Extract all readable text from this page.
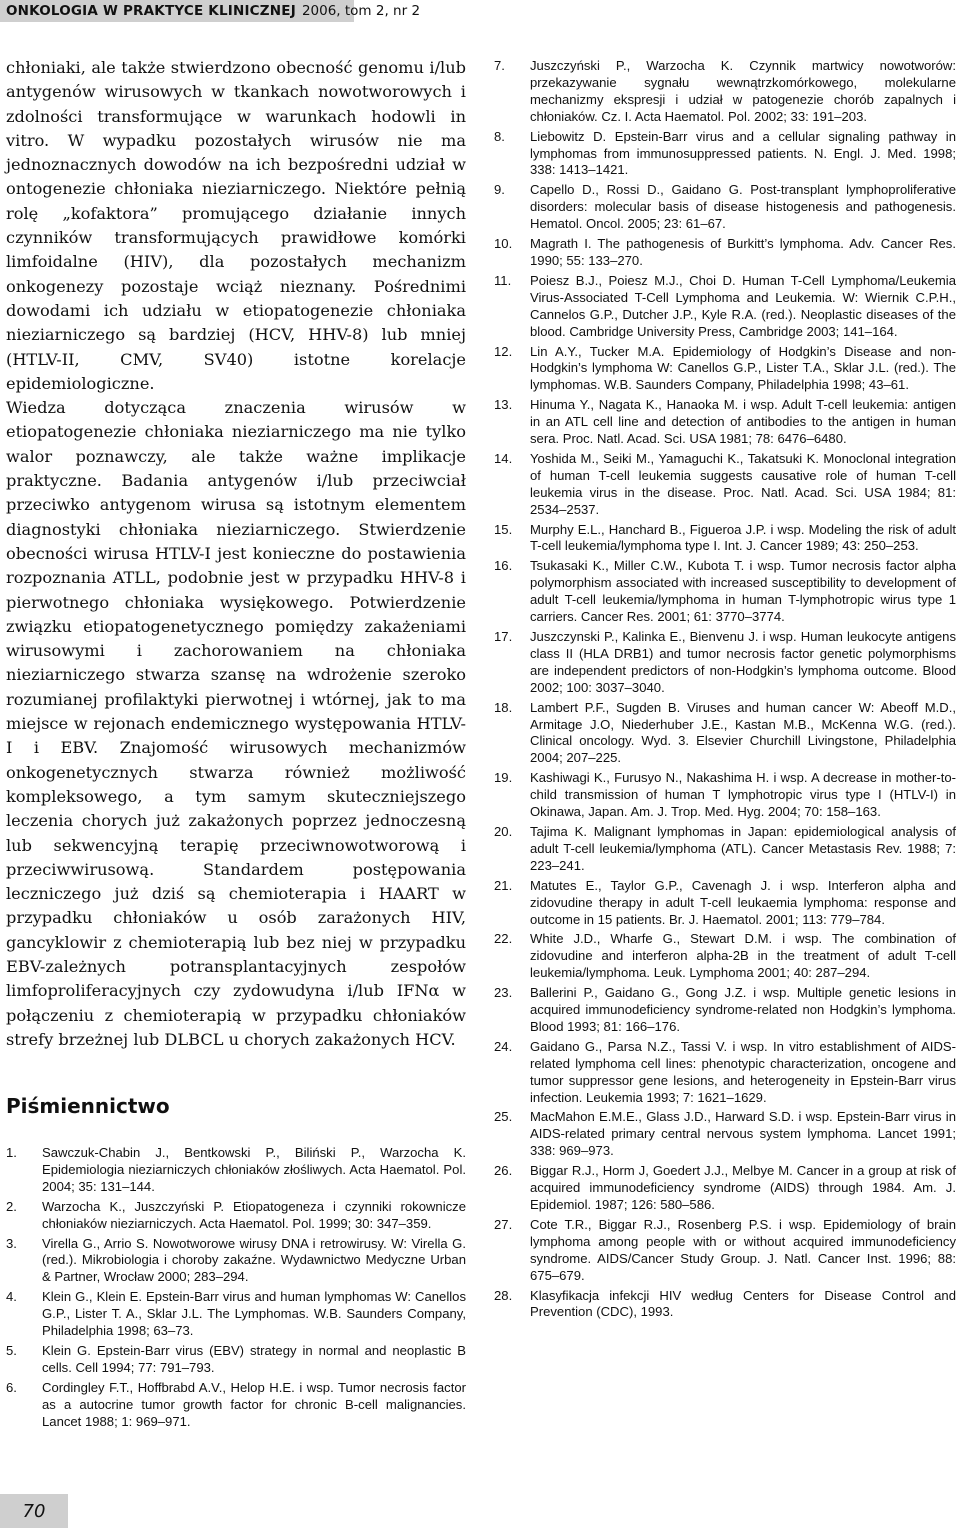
ONKOLOGIA W PRAKTYCE KLINICZNEJ 2006, tom 2, nr 2

chłoniaki, ale także stwierdzono obecność genomu i/lub antygenów wirusowych w tkankach nowotworowych i zdolności transformujące w warunkach hodowli in vitro. W wypadku pozostałych wirusów nie ma jednoznacznych dowodów na ich bezpośredni udział w ontogenezie chłoniaka nieziarniczego. Niektóre pełnią rolę „kofaktora” promującego działanie innych czynników transformujących prawidłowe komórki limfoidalne (HIV), dla pozostałych mechanizm onkogenezy pozostaje wciąż nieznany. Pośrednimi dowodami ich udziału w etiopatogenezie chłoniaka nieziarniczego są bardziej (HCV, HHV-8) lub mniej (HTLV-II, CMV, SV40) istotne korelacje epidemiologiczne.

Wiedza dotycząca znaczenia wirusów w etiopatogenezie chłoniaka nieziarniczego ma nie tylko walor poznawczy, ale także ważne implikacje praktyczne. Badania antygenów i/lub przeciwciał przeciwko antygenom wirusa są istotnym elementem diagnostyki chłoniaka nieziarniczego. Stwierdzenie obecności wirusa HTLV-I jest konieczne do postawienia rozpoznania ATLL, podobnie jest w przypadku HHV-8 i pierwotnego chłoniaka wysiękowego. Potwierdzenie związku etiopatogenetycznego pomiędzy zakażeniami wirusowymi i zachorowaniem na chłoniaka nieziarniczego stwarza szansę na wdrożenie szeroko rozumianej profilaktyki pierwotnej i wtórnej, jak to ma miejsce w rejonach endemicznego występowania HTLV-I i EBV. Znajomość wirusowych mechanizmów onkogenetycznych stwarza również możliwość kompleksowego, a tym samym skuteczniejszego leczenia chorych już zakażonych poprzez jednoczesną lub sekwencyjną terapię przeciwnowotworową i przeciwwirusową. Standardem postępowania leczniczego już dziś są chemioterapia i HAART w przypadku chłoniaków u osób zarażonych HIV, gancyklowir z chemioterapią lub bez niej w przypadku EBV-zależnych potransplantacyjnych zespołów limfoproliferacyjnych czy zydowudyna i/lub IFNα w połączeniu z chemioterapią w przypadku chłoniaków strefy brzeżnej lub DLBCL u chorych zakażonych HCV.

Piśmiennictwo
1. Sawczuk-Chabin J., Bentkowski P., Biliński P., Warzocha K. Epidemiologia nieziarniczych chłoniaków złośliwych. Acta Haematol. Pol. 2004; 35: 131–144.
2. Warzocha K., Juszczyński P. Etiopatogeneza i czynniki rokownicze chłoniaków nieziarniczych. Acta Haematol. Pol. 1999; 30: 347–359.
3. Virella G., Arrio S. Nowotworowe wirusy DNA i retrowirusy. W: Virella G. (red.). Mikrobiologia i choroby zakaźne. Wydawnictwo Medyczne Urban & Partner, Wrocław 2000; 283–294.
4. Klein G., Klein E. Epstein-Barr virus and human lymphomas W: Canellos G.P., Lister T. A., Sklar J.L. The Lymphomas. W.B. Saunders Company, Philadelphia 1998; 63–73.
5. Klein G. Epstein-Barr virus (EBV) strategy in normal and neoplastic B cells. Cell 1994; 77: 791–793.
6. Cordingley F.T., Hoffbrabd A.V., Helop H.E. i wsp. Tumor necrosis factor as a autocrine tumor growth factor for chronic B-cell malignancies. Lancet 1988; 1: 969–971.
7. Juszczyński P., Warzocha K. Czynnik martwicy nowotworów: przekazywanie sygnału wewnątrzkomórkowego, molekularne mechanizmy ekspresji i udział w patogenezie chorób zapalnych i chłoniaków. Cz. I. Acta Haematol. Pol. 2002; 33: 191–203.
8. Liebowitz D. Epstein-Barr virus and a cellular signaling pathway in lymphomas from immunosuppressed patients. N. Engl. J. Med. 1998; 338: 1413–1421.
9. Capello D., Rossi D., Gaidano G. Post-transplant lymphoproliferative disorders: molecular basis of disease histogenesis and pathogenesis. Hematol. Oncol. 2005; 23: 61–67.
10. Magrath I. The pathogenesis of Burkitt’s lymphoma. Adv. Cancer Res. 1990; 55: 133–270.
11. Poiesz B.J., Poiesz M.J., Choi D. Human T-Cell Lymphoma/Leukemia Virus-Associated T-Cell Lymphoma and Leukemia. W: Wiernik C.P.H., Cannelos G.P., Dutcher J.P., Kyle R.A. (red.). Neoplastic diseases of the blood. Cambridge University Press, Cambridge 2003; 141–164.
12. Lin A.Y., Tucker M.A. Epidemiology of Hodgkin’s Disease and non-Hodgkin’s lymphoma W: Canellos G.P., Lister T.A., Sklar J.L. (red.). The lymphomas. W.B. Saunders Company, Philadelphia 1998; 43–61.
13. Hinuma Y., Nagata K., Hanaoka M. i wsp. Adult T-cell leukemia: antigen in an ATL cell line and detection of antibodies to the antigen in human sera. Proc. Natl. Acad. Sci. USA 1981; 78: 6476–6480.
14. Yoshida M., Seiki M., Yamaguchi K., Takatsuki K. Monoclonal integration of human T-cell leukemia suggests causative role of human T-cell leukemia virus in the disease. Proc. Natl. Acad. Sci. USA 1984; 81: 2534–2537.
15. Murphy E.L., Hanchard B., Figueroa J.P. i wsp. Modeling the risk of adult T-cell leukemia/lymphoma type I. Int. J. Cancer 1989; 43: 250–253.
16. Tsukasaki K., Miller C.W., Kubota T. i wsp. Tumor necrosis factor alpha polymorphism associated with increased susceptibility to development of adult T-cell leukemia/lymphoma in human T-lymphotropic wirus type 1 carriers. Cancer Res. 2001; 61: 3770–3774.
17. Juszczynski P., Kalinka E., Bienvenu J. i wsp. Human leukocyte antigens class II (HLA DRB1) and tumor necrosis factor genetic polymorphisms are independent predictors of non-Hodgkin’s lymphoma outcome. Blood 2002; 100: 3037–3040.
18. Lambert P.F., Sugden B. Viruses and human cancer W: Abeoff M.D., Armitage J.O, Niederhuber J.E., Kastan M.B., McKenna W.G. (red.). Clinical oncology. Wyd. 3. Elsevier Churchill Livingstone, Philadelphia 2004; 207–225.
19. Kashiwagi K., Furusyo N., Nakashima H. i wsp. A decrease in mother-to-child transmission of human T lymphotropic virus type I (HTLV-I) in Okinawa, Japan. Am. J. Trop. Med. Hyg. 2004; 70: 158–163.
20. Tajima K. Malignant lymphomas in Japan: epidemiological analysis of adult T-cell leukemia/lymphoma (ATL). Cancer Metastasis Rev. 1988; 7: 223–241.
21. Matutes E., Taylor G.P., Cavenagh J. i wsp. Interferon alpha and zidovudine therapy in adult T-cell leukaemia lymphoma: response and outcome in 15 patients. Br. J. Haematol. 2001; 113: 779–784.
22. White J.D., Wharfe G., Stewart D.M. i wsp. The combination of zidovudine and interferon alpha-2B in the treatment of adult T-cell leukemia/lymphoma. Leuk. Lymphoma 2001; 40: 287–294.
23. Ballerini P., Gaidano G., Gong J.Z. i wsp. Multiple genetic lesions in acquired immunodeficiency syndrome-related non Hodgkin’s lymphoma. Blood 1993; 81: 166–176.
24. Gaidano G., Parsa N.Z., Tassi V. i wsp. In vitro establishment of AIDS-related lymphoma cell lines: phenotypic characterization, oncogene and tumor suppressor gene lesions, and heterogeneity in Epstein-Barr virus infection. Leukemia 1993; 7: 1621–1629.
25. MacMahon E.M.E., Glass J.D., Harward S.D. i wsp. Epstein-Barr virus in AIDS-related primary central nervous system lymphoma. Lancet 1991; 338: 969–973.
26. Biggar R.J., Horm J, Goedert J.J., Melbye M. Cancer in a group at risk of acquired immunodeficiency syndrome (AIDS) through 1984. Am. J. Epidemiol. 1987; 126: 580–586.
27. Cote T.R., Biggar R.J., Rosenberg P.S. i wsp. Epidemiology of brain lymphoma among people with or without acquired immunodeficiency syndrome. AIDS/Cancer Study Group. J. Natl. Cancer Inst. 1996; 88: 675–679.
28. Klasyfikacja infekcji HIV według Centers for Disease Control and Prevention (CDC), 1993.
70
